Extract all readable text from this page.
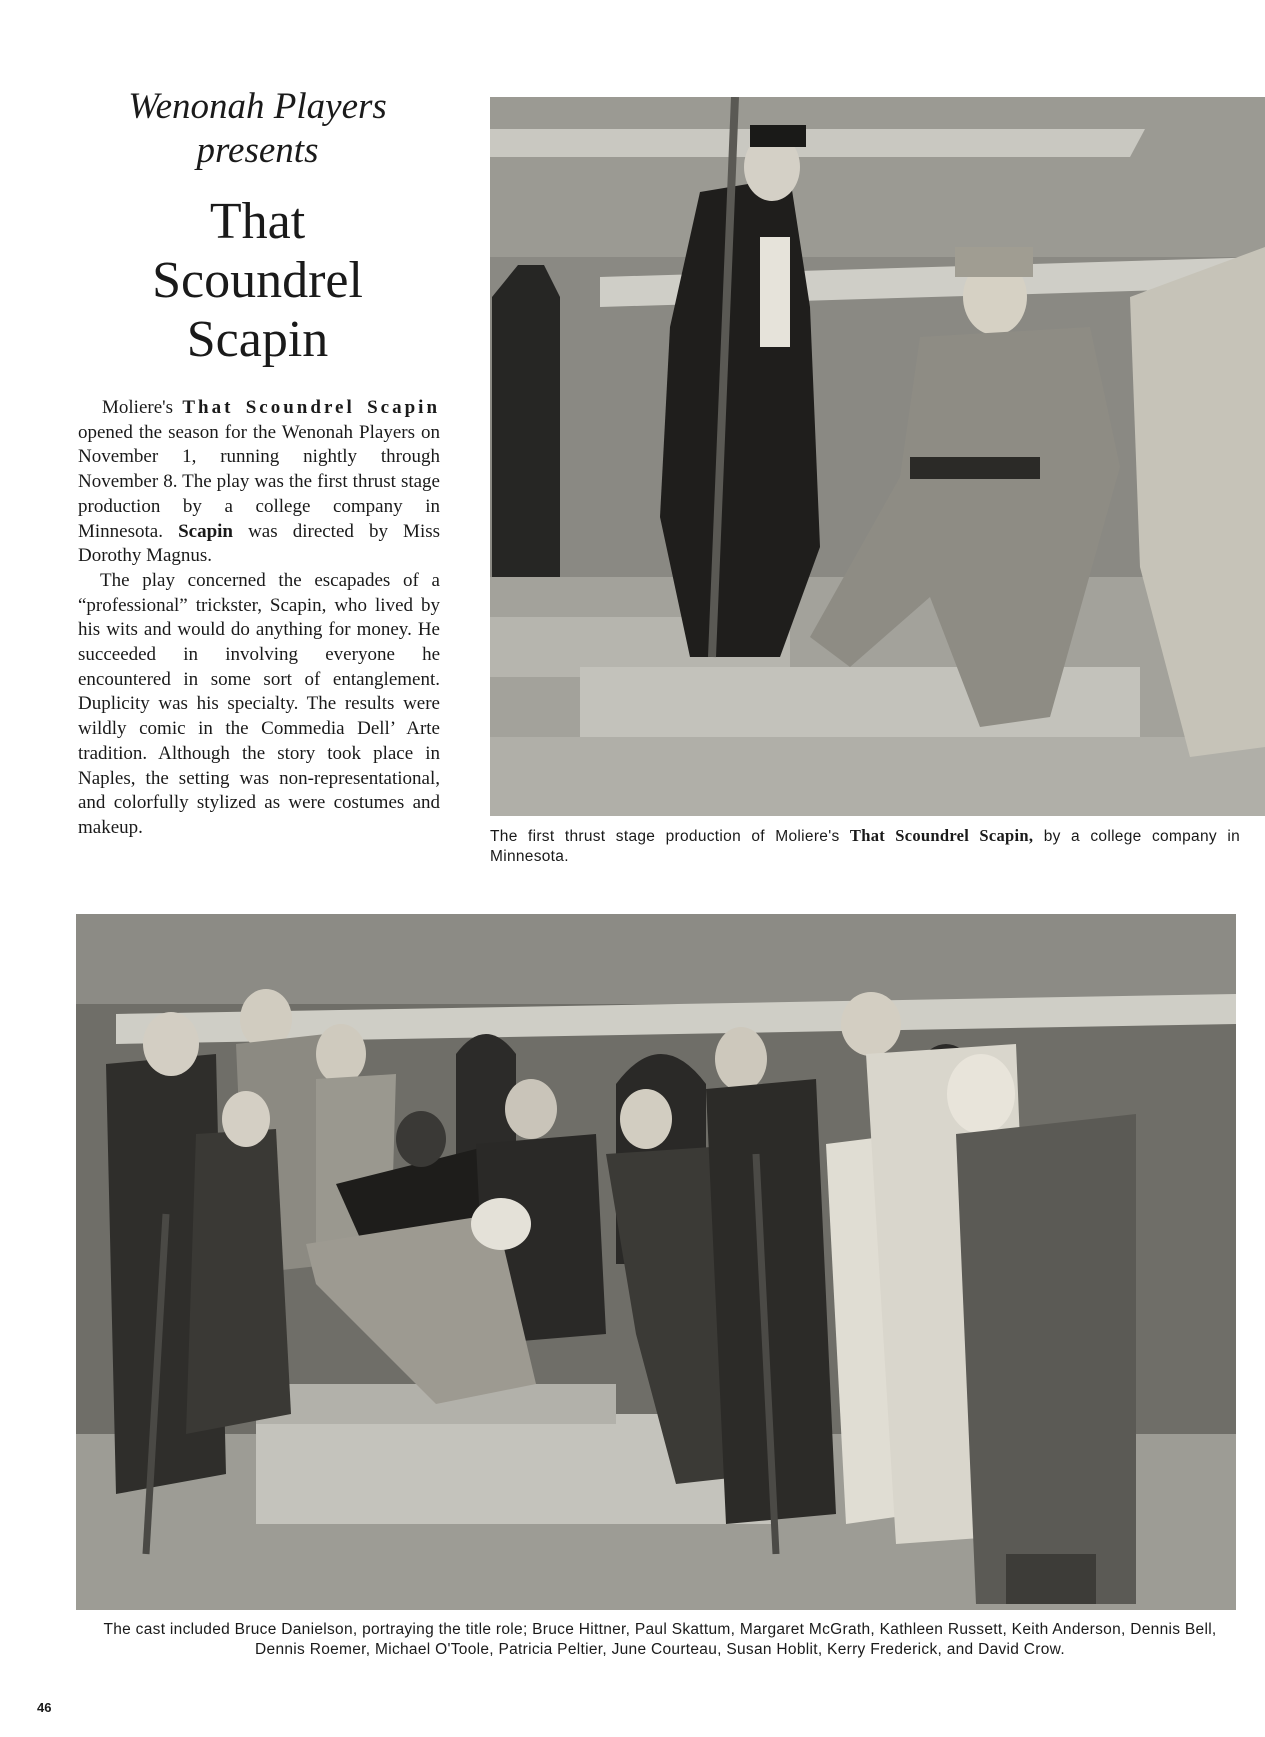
Wenonah Players
presents
That
Scoundrel
Scapin

Moliere's That Scoundrel Scapin opened the season for the Wenonah Players on November 1, running nightly through November 8. The play was the first thrust stage production by a college company in Minnesota. Scapin was directed by Miss Dorothy Magnus.

The play concerned the escapades of a “professional” trickster, Scapin, who lived by his wits and would do anything for money. He succeeded in involving everyone he encountered in some sort of entanglement. Duplicity was his specialty. The results were wildly comic in the Commedia Dell’ Arte tradition. Although the story took place in Naples, the setting was non-representational, and colorfully stylized as were costumes and makeup.	The first thrust stage production of Moliere's That Scoundrel Scapin, by a college company in Minnesota.

The cast included Bruce Danielson, portraying the title role; Bruce Hittner, Paul Skattum, Margaret McGrath, Kathleen Russett, Keith Anderson, Dennis Bell, Dennis Roemer, Michael O'Toole, Patricia Peltier, June Courteau, Susan Hoblit, Kerry Frederick, and David Crow.

46
